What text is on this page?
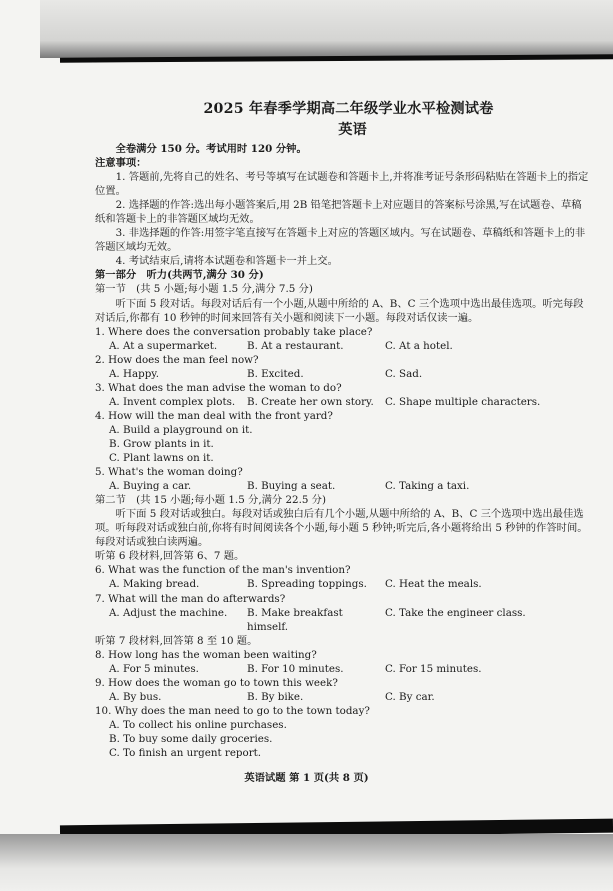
2025 年春季学期高二年级学业水平检测试卷
英语
全卷满分 150 分。考试用时 120 分钟。
注意事项：
1. 答题前,先将自己的姓名、考号等填写在试题卷和答题卡上,并将准考证号条形码粘贴在答题卡上的指定位置。
2. 选择题的作答:选出每小题答案后,用 2B 铅笔把答题卡上对应题目的答案标号涂黑,写在试题卷、草稿纸和答题卡上的非答题区域均无效。
3. 非选择题的作答:用签字笔直接写在答题卡上对应的答题区域内。写在试题卷、草稿纸和答题卡上的非答题区域均无效。
4. 考试结束后,请将本试题卷和答题卡一并上交。
第一部分　听力(共两节,满分 30 分)
第一节　(共 5 小题;每小题 1.5 分,满分 7.5 分)
听下面 5 段对话。每段对话后有一个小题,从题中所给的 A、B、C 三个选项中选出最佳选项。听完每段对话后,你都有 10 秒钟的时间来回答有关小题和阅读下一小题。每段对话仅读一遍。
1. Where does the conversation probably take place?
A. At a supermarket.	B. At a restaurant.	C. At a hotel.
2. How does the man feel now?
A. Happy.	B. Excited.	C. Sad.
3. What does the man advise the woman to do?
A. Invent complex plots.	B. Create her own story.	C. Shape multiple characters.
4. How will the man deal with the front yard?
A. Build a playground on it.
B. Grow plants in it.
C. Plant lawns on it.
5. What's the woman doing?
A. Buying a car.	B. Buying a seat.	C. Taking a taxi.
第二节　(共 15 小题;每小题 1.5 分,满分 22.5 分)
听下面 5 段对话或独白。每段对话或独白后有几个小题,从题中所给的 A、B、C 三个选项中选出最佳选项。听每段对话或独白前,你将有时间阅读各个小题,每小题 5 秒钟;听完后,各小题将给出 5 秒钟的作答时间。每段对话或独白读两遍。
听第 6 段材料,回答第 6、7 题。
6. What was the function of the man's invention?
A. Making bread.	B. Spreading toppings.	C. Heat the meals.
7. What will the man do afterwards?
A. Adjust the machine.	B. Make breakfast himself.
C. Take the engineer class.
听第 7 段材料,回答第 8 至 10 题。
8. How long has the woman been waiting?
A. For 5 minutes.	B. For 10 minutes.	C. For 15 minutes.
9. How does the woman go to town this week?
A. By bus.	B. By bike.	C. By car.
10. Why does the man need to go to the town today?
A. To collect his online purchases.
B. To buy some daily groceries.
C. To finish an urgent report.
英语试题 第 1 页(共 8 页)
